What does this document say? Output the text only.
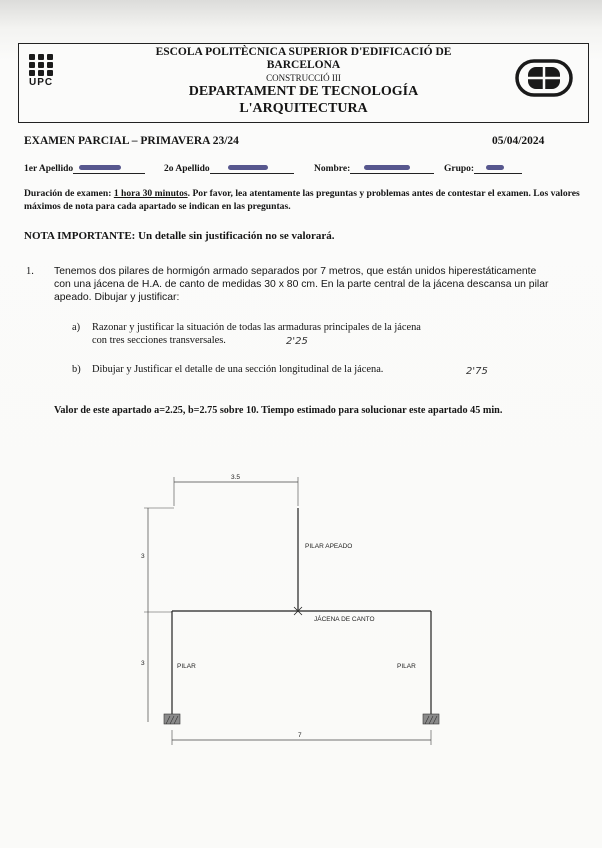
UPC
ESCOLA POLITÈCNICA SUPERIOR D'EDIFICACIÓ DE
BARCELONA
CONSTRUCCIÓ III
DEPARTAMENT DE TECNOLOGÍA
L'ARQUITECTURA
EXAMEN PARCIAL – PRIMAVERA 23/24	05/04/2024
1er Apellido	2o Apellido	Nombre:	Grupo:
Duración de examen: 1 hora 30 minutos. Por favor, lea atentamente las preguntas y problemas antes de contestar el examen. Los valores máximos de nota para cada apartado se indican en las preguntas.
NOTA IMPORTANTE: Un detalle sin justificación no se valorará.
1. Tenemos dos pilares de hormigón armado separados por 7 metros, que están unidos hiperestáticamente con una jácena de H.A. de canto de medidas 30 x 80 cm. En la parte central de la jácena descansa un pilar apeado. Dibujar y justificar:
a) Razonar y justificar la situación de todas las armaduras principales de la jácena
con tres secciones transversales.	2'25
b) Dibujar y Justificar el detalle de una sección longitudinal de la jácena.	2'75
Valor de este apartado a=2.25, b=2.75 sobre 10. Tiempo estimado para solucionar este apartado 45 min.
3.5
3
3
PILAR APEADO
JÁCENA DE CANTO
PILAR	PILAR
7
